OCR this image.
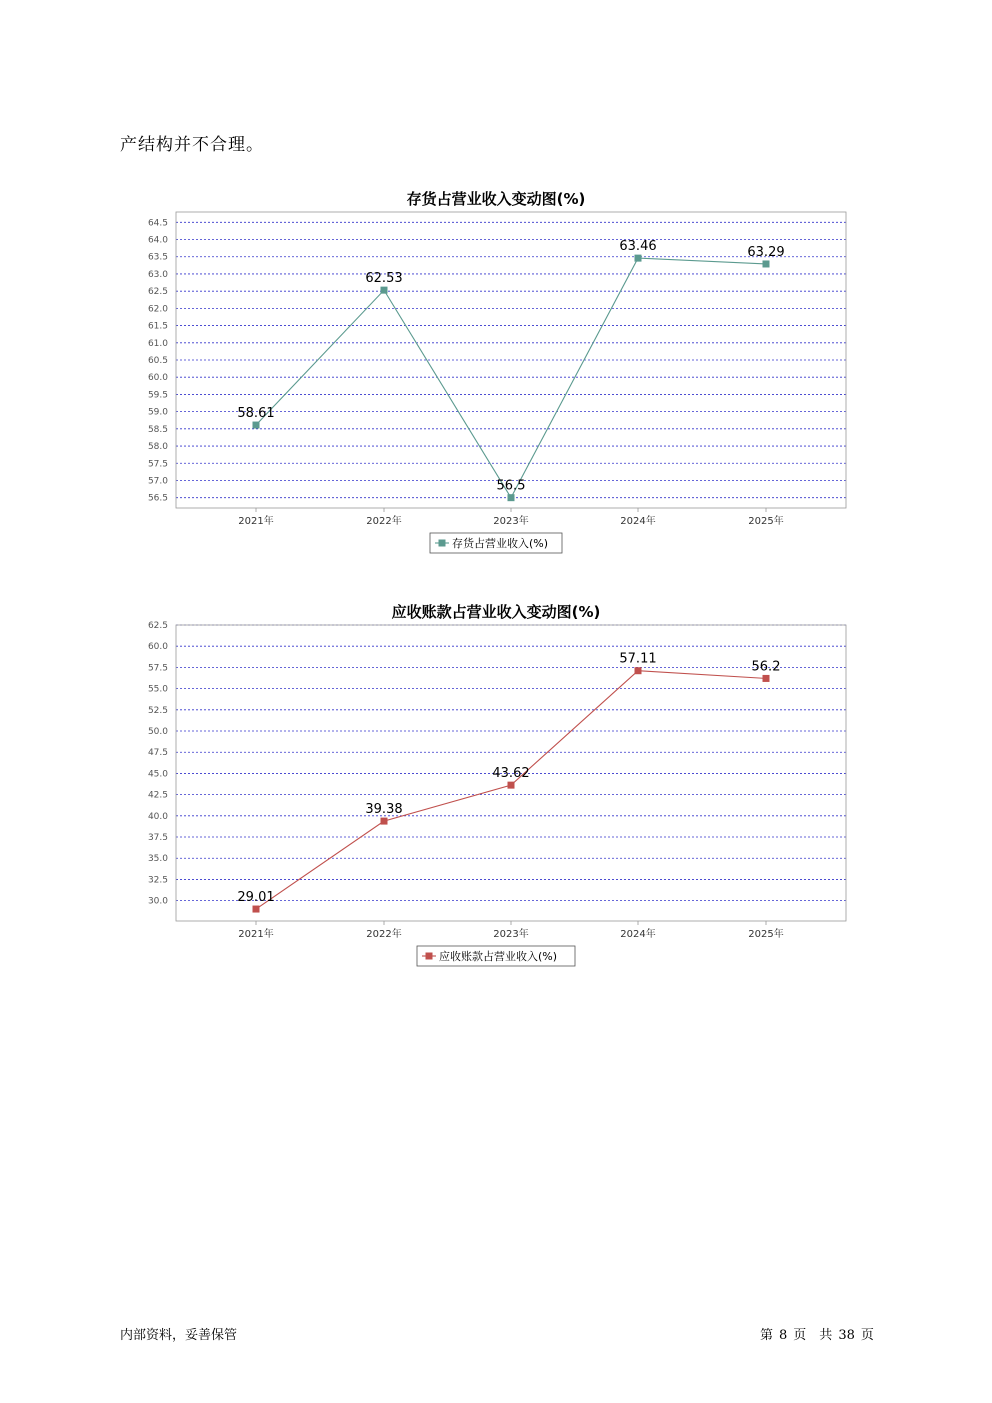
产结构并不合理。
存货占营业收入变动图(%)
56.5
57.0
57.5
58.0
58.5
59.0
59.5
60.0
60.5
61.0
61.5
62.0
62.5
63.0
63.5
64.0
64.5
2021年	2022年	2023年	2024年	2025年
58.61
62.53
56.5
63.46	63.29
存货占营业收入(%)
应收账款占营业收入变动图(%)
30.0
32.5
35.0
37.5
40.0
42.5
45.0
47.5
50.0
52.5
55.0
57.5
60.0
62.5
2021年	2022年	2023年	2024年	2025年
29.01
39.38
43.62
57.11
56.2
应收账款占营业收入(%)
内部资料，妥善保管	第 8 页　共 38 页
